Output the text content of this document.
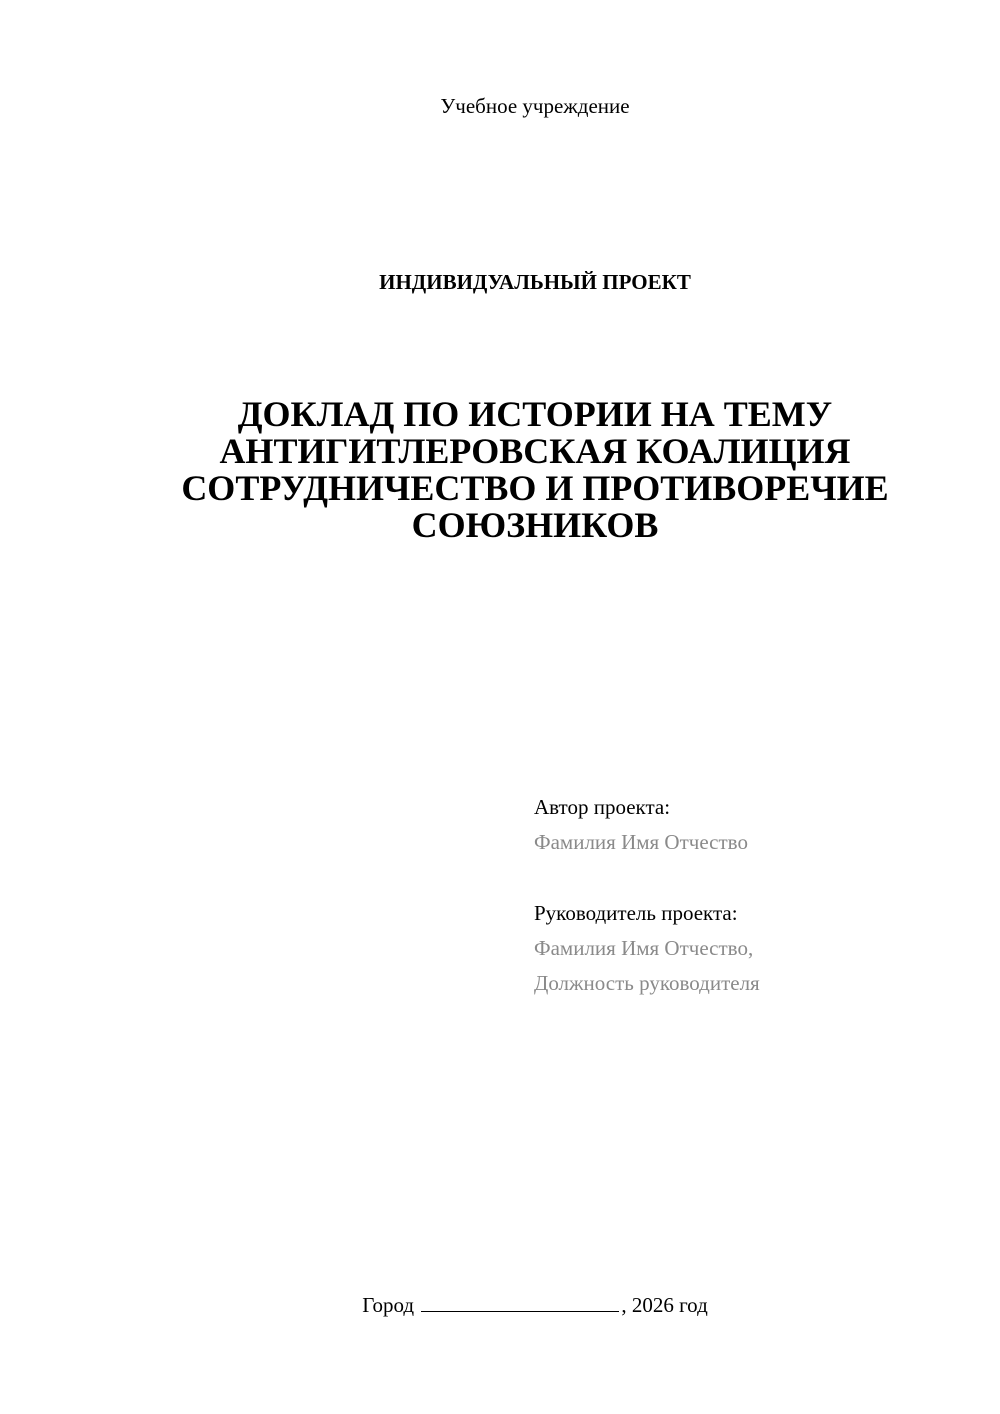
Учебное учреждение
ИНДИВИДУАЛЬНЫЙ ПРОЕКТ
ДОКЛАД ПО ИСТОРИИ НА ТЕМУ
АНТИГИТЛЕРОВСКАЯ КОАЛИЦИЯ
СОТРУДНИЧЕСТВО И ПРОТИВОРЕЧИЕ
СОЮЗНИКОВ
Автор проекта:
Фамилия Имя Отчество
Руководитель проекта:
Фамилия Имя Отчество,
Должность руководителя
Город	, 2026 год
